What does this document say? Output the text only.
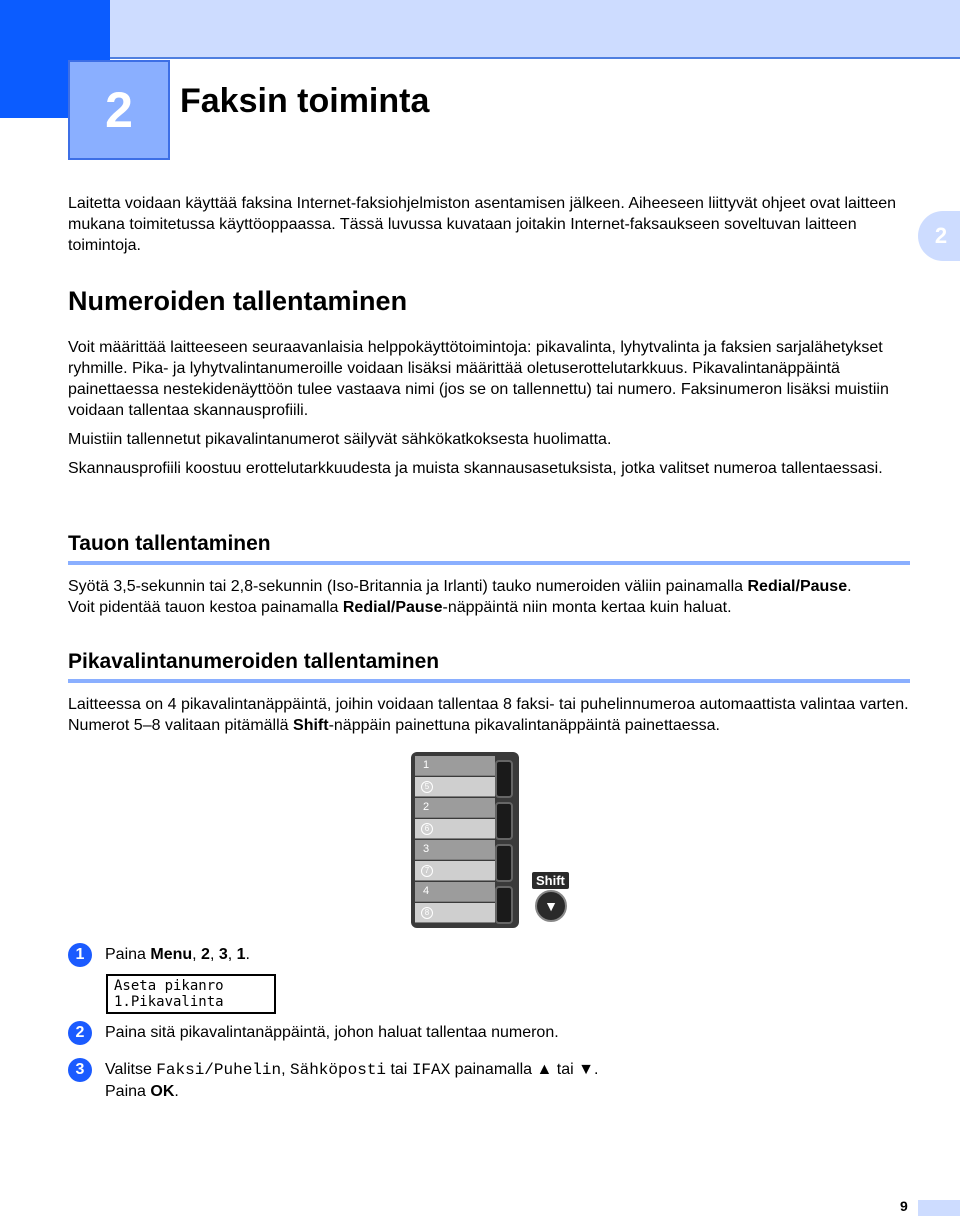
2 Faksin toiminta
2

Laitetta voidaan käyttää faksina Internet-faksiohjelmiston asentamisen jälkeen. Aiheeseen liittyvät ohjeet ovat laitteen mukana toimitetussa käyttöoppaassa. Tässä luvussa kuvataan joitakin Internet-faksaukseen soveltuvan laitteen toimintoja.

Numeroiden tallentaminen

Voit määrittää laitteeseen seuraavanlaisia helppokäyttötoimintoja: pikavalinta, lyhytvalinta ja faksien sarjalähetykset ryhmille. Pika- ja lyhytvalintanumeroille voidaan lisäksi määrittää oletuserottelutarkkuus. Pikavalintanäppäintä painettaessa nestekidenäyttöön tulee vastaava nimi (jos se on tallennettu) tai numero. Faksinumeron lisäksi muistiin voidaan tallentaa skannausprofiili.

Muistiin tallennetut pikavalintanumerot säilyvät sähkökatkoksesta huolimatta.

Skannausprofiili koostuu erottelutarkkuudesta ja muista skannausasetuksista, jotka valitset numeroa tallentaessasi.

Tauon tallentaminen

Syötä 3,5-sekunnin tai 2,8-sekunnin (Iso-Britannia ja Irlanti) tauko numeroiden väliin painamalla Redial/Pause.
Voit pidentää tauon kestoa painamalla Redial/Pause-näppäintä niin monta kertaa kuin haluat.

Pikavalintanumeroiden tallentaminen

Laitteessa on 4 pikavalintanäppäintä, joihin voidaan tallentaa 8 faksi- tai puhelinnumeroa automaattista valintaa varten. Numerot 5–8 valitaan pitämällä Shift-näppäin painettuna pikavalintanäppäintä painettaessa.

1
5
2
6
3
7
4
8
Shift
▼
1	Paina Menu, 2, 3, 1.
Aseta pikanro
1.Pikavalinta
2	Paina sitä pikavalintanäppäintä, johon haluat tallentaa numeron.
3	Valitse Faksi/Puhelin, Sähköposti tai IFAX painamalla ▲ tai ▼.
Paina OK.
9
